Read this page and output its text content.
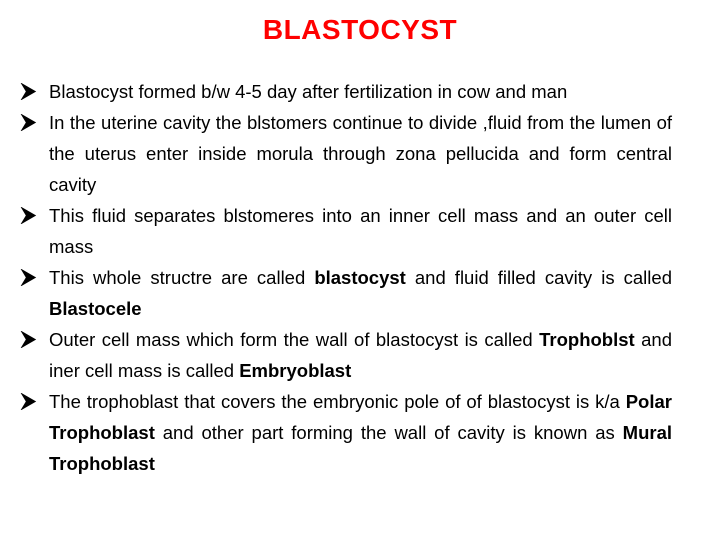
BLASTOCYST
Blastocyst formed b/w 4-5 day after fertilization in cow and man
In the uterine cavity the blstomers continue to divide ,fluid from the lumen of the uterus enter inside morula through zona pellucida and form central cavity
This fluid separates blstomeres into an inner cell mass and an outer cell mass
This whole structre are called blastocyst and fluid filled cavity is called Blastocele
Outer cell mass which form the wall of blastocyst is called Trophoblst and iner cell mass is called Embryoblast
The trophoblast that covers the embryonic pole of of blastocyst is k/a Polar Trophoblast and other part forming the wall of cavity is known as Mural Trophoblast
